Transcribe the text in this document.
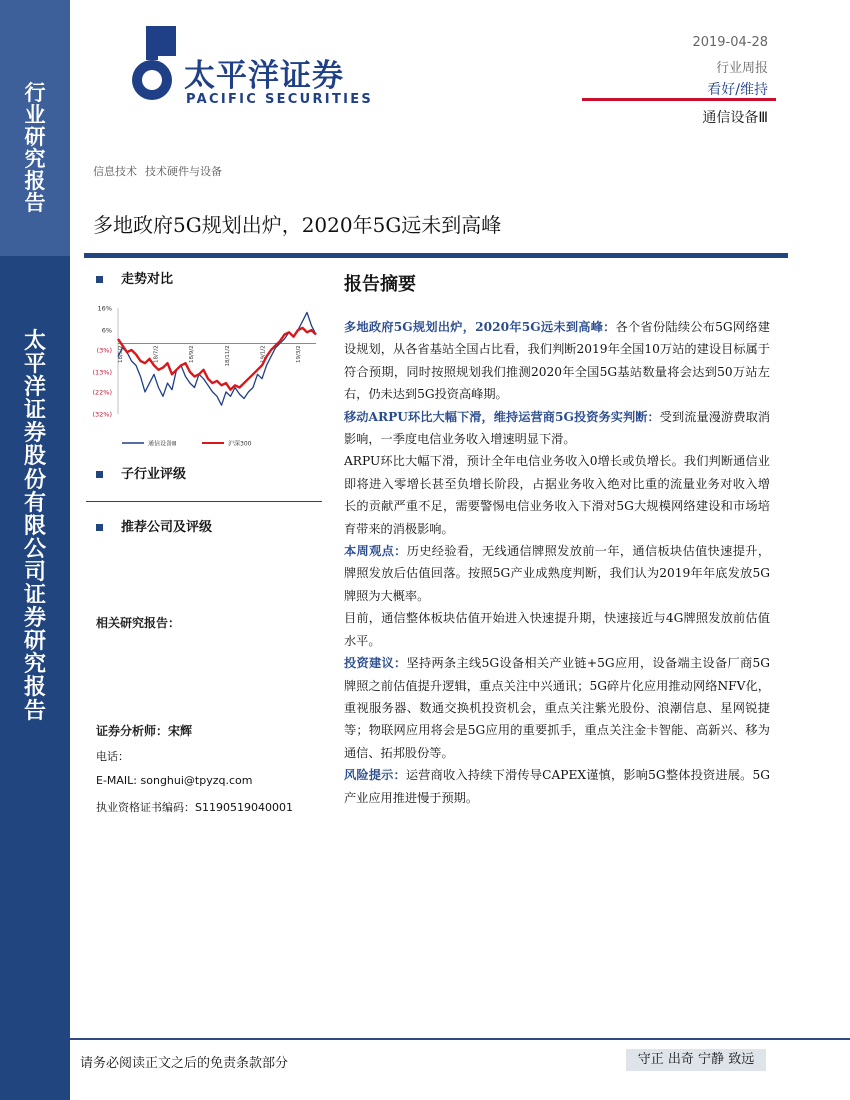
行
业
研
究
报
告
太
平
洋
证
券
股
份
有
限
公
司
证
券
研
究
报
告
太平洋证券
PACIFIC SECURITIES
2019-04-28
行业周报
看好/维持
通信设备Ⅲ
信息技术 技术硬件与设备
多地政府5G规划出炉，2020年5G远未到高峰
走势对比
16%
6%
(3%)
(13%)
(22%)
(32%)
18/5/2	18/7/2	18/9/2	18/11/2	19/1/2	19/3/2
通信设备Ⅲ	沪深300
子行业评级
推荐公司及评级
相关研究报告：
证券分析师：宋辉
电话：
E-MAIL: songhui@tpyzq.com
执业资格证书编码：S1190519040001
报告摘要

多地政府5G规划出炉，2020年5G远未到高峰：各个省份陆续公布5G网络建设规划，从各省基站全国占比看，我们判断2019年全国10万站的建设目标属于符合预期，同时按照规划我们推测2020年全国5G基站数量将会达到50万站左右，仍未达到5G投资高峰期。

移动ARPU环比大幅下滑，维持运营商5G投资务实判断：受到流量漫游费取消影响，一季度电信业务收入增速明显下滑。

ARPU环比大幅下滑，预计全年电信业务收入0增长或负增长。我们判断通信业即将进入零增长甚至负增长阶段，占据业务收入绝对比重的流量业务对收入增长的贡献严重不足，需要警惕电信业务收入下滑对5G大规模网络建设和市场培育带来的消极影响。

本周观点：历史经验看，无线通信牌照发放前一年，通信板块估值快速提升，牌照发放后估值回落。按照5G产业成熟度判断，我们认为2019年年底发放5G牌照为大概率。

目前，通信整体板块估值开始进入快速提升期，快速接近与4G牌照发放前估值水平。

投资建议：坚持两条主线5G设备相关产业链+5G应用，设备端主设备厂商5G牌照之前估值提升逻辑，重点关注中兴通讯；5G碎片化应用推动网络NFV化，重视服务器、数通交换机投资机会，重点关注紫光股份、浪潮信息、星网锐捷等；物联网应用将会是5G应用的重要抓手，重点关注金卡智能、高新兴、移为通信、拓邦股份等。

风险提示：运营商收入持续下滑传导CAPEX谨慎，影响5G整体投资进展。5G产业应用推进慢于预期。

请务必阅读正文之后的免责条款部分	守正 出奇 宁静 致远
